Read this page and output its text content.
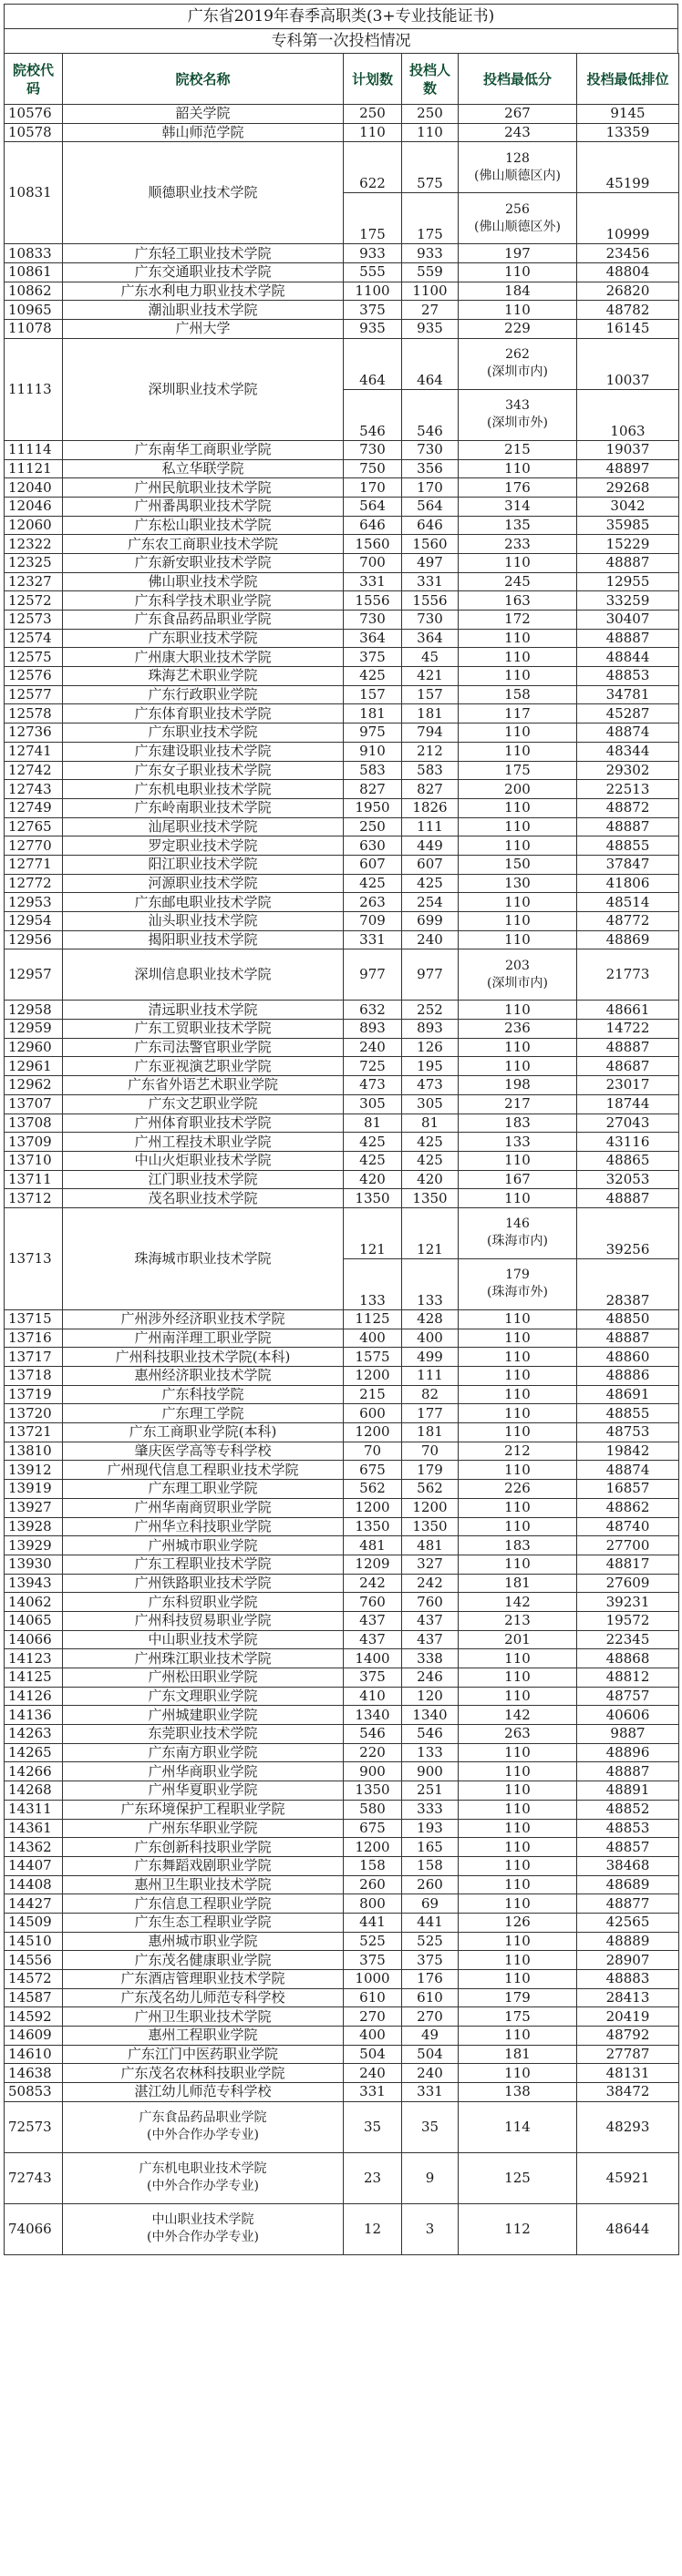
广东省2019年春季高职类(3+专业技能证书)
专科第一次投档情况
院校代码	院校名称	计划数	投档人数	投档最低分	投档最低排位
10576	韶关学院	250	250	267	9145
10578	韩山师范学院	110	110	243	13359
10831	顺德职业技术学院	622	575	128
(佛山顺德区内)	45199
		175	175	256
(佛山顺德区外)	10999
10833	广东轻工职业技术学院	933	933	197	23456
10861	广东交通职业技术学院	555	559	110	48804
10862	广东水利电力职业技术学院	1100	1100	184	26820
10965	潮汕职业技术学院	375	27	110	48782
11078	广州大学	935	935	229	16145
11113	深圳职业技术学院	464	464	262
(深圳市内)	10037
		546	546	343
(深圳市外)	1063
11114	广东南华工商职业学院	730	730	215	19037
11121	私立华联学院	750	356	110	48897
12040	广州民航职业技术学院	170	170	176	29268
12046	广州番禺职业技术学院	564	564	314	3042
12060	广东松山职业技术学院	646	646	135	35985
12322	广东农工商职业技术学院	1560	1560	233	15229
12325	广东新安职业技术学院	700	497	110	48887
12327	佛山职业技术学院	331	331	245	12955
12572	广东科学技术职业学院	1556	1556	163	33259
12573	广东食品药品职业学院	730	730	172	30407
12574	广东职业技术学院	364	364	110	48887
12575	广州康大职业技术学院	375	45	110	48844
12576	珠海艺术职业学院	425	421	110	48853
12577	广东行政职业学院	157	157	158	34781
12578	广东体育职业技术学院	181	181	117	45287
12736	广东职业技术学院	975	794	110	48874
12741	广东建设职业技术学院	910	212	110	48344
12742	广东女子职业技术学院	583	583	175	29302
12743	广东机电职业技术学院	827	827	200	22513
12749	广东岭南职业技术学院	1950	1826	110	48872
12765	汕尾职业技术学院	250	111	110	48887
12770	罗定职业技术学院	630	449	110	48855
12771	阳江职业技术学院	607	607	150	37847
12772	河源职业技术学院	425	425	130	41806
12953	广东邮电职业技术学院	263	254	110	48514
12954	汕头职业技术学院	709	699	110	48772
12956	揭阳职业技术学院	331	240	110	48869
12957	深圳信息职业技术学院	977	977	203
(深圳市内)	21773
12958	清远职业技术学院	632	252	110	48661
12959	广东工贸职业技术学院	893	893	236	14722
12960	广东司法警官职业学院	240	126	110	48887
12961	广东亚视演艺职业学院	725	195	110	48687
12962	广东省外语艺术职业学院	473	473	198	23017
13707	广东文艺职业学院	305	305	217	18744
13708	广州体育职业技术学院	81	81	183	27043
13709	广州工程技术职业学院	425	425	133	43116
13710	中山火炬职业技术学院	425	425	110	48865
13711	江门职业技术学院	420	420	167	32053
13712	茂名职业技术学院	1350	1350	110	48887
13713	珠海城市职业技术学院	121	121	146
(珠海市内)	39256
		133	133	179
(珠海市外)	28387
13715	广州涉外经济职业技术学院	1125	428	110	48850
13716	广州南洋理工职业学院	400	400	110	48887
13717	广州科技职业技术学院(本科)	1575	499	110	48860
13718	惠州经济职业技术学院	1200	111	110	48886
13719	广东科技学院	215	82	110	48691
13720	广东理工学院	600	177	110	48855
13721	广东工商职业学院(本科)	1200	181	110	48753
13810	肇庆医学高等专科学校	70	70	212	19842
13912	广州现代信息工程职业技术学院	675	179	110	48874
13919	广东理工职业学院	562	562	226	16857
13927	广州华南商贸职业学院	1200	1200	110	48862
13928	广州华立科技职业学院	1350	1350	110	48740
13929	广州城市职业学院	481	481	183	27700
13930	广东工程职业技术学院	1209	327	110	48817
13943	广州铁路职业技术学院	242	242	181	27609
14062	广东科贸职业学院	760	760	142	39231
14065	广州科技贸易职业学院	437	437	213	19572
14066	中山职业技术学院	437	437	201	22345
14123	广州珠江职业技术学院	1400	338	110	48868
14125	广州松田职业学院	375	246	110	48812
14126	广东文理职业学院	410	120	110	48757
14136	广州城建职业学院	1340	1340	142	40606
14263	东莞职业技术学院	546	546	263	9887
14265	广东南方职业学院	220	133	110	48896
14266	广州华商职业学院	900	900	110	48887
14268	广州华夏职业学院	1350	251	110	48891
14311	广东环境保护工程职业学院	580	333	110	48852
14361	广州东华职业学院	675	193	110	48853
14362	广东创新科技职业学院	1200	165	110	48857
14407	广东舞蹈戏剧职业学院	158	158	110	38468
14408	惠州卫生职业技术学院	260	260	110	48689
14427	广东信息工程职业学院	800	69	110	48877
14509	广东生态工程职业学院	441	441	126	42565
14510	惠州城市职业学院	525	525	110	48889
14556	广东茂名健康职业学院	375	375	110	28907
14572	广东酒店管理职业技术学院	1000	176	110	48883
14587	广东茂名幼儿师范专科学校	610	610	179	28413
14592	广州卫生职业技术学院	270	270	175	20419
14609	惠州工程职业学院	400	49	110	48792
14610	广东江门中医药职业学院	504	504	181	27787
14638	广东茂名农林科技职业学院	240	240	110	48131
50853	湛江幼儿师范专科学校	331	331	138	38472
72573	广东食品药品职业学院
(中外合作办学专业)	35	35	114	48293
72743	广东机电职业技术学院
(中外合作办学专业)	23	9	125	45921
74066	中山职业技术学院
(中外合作办学专业)	12	3	112	48644
